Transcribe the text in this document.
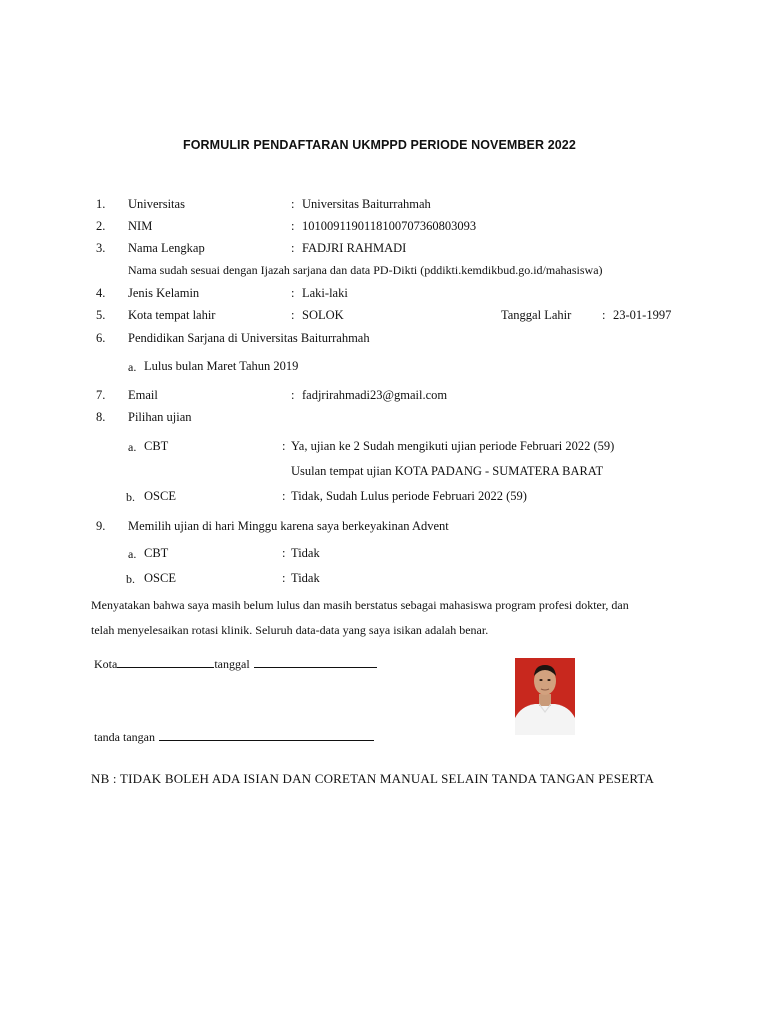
FORMULIR PENDAFTARAN UKMPPD PERIODE NOVEMBER 2022
1. Universitas	: Universitas Baiturrahmah
2. NIM	: 1010091190118100707360803093
3. Nama Lengkap	: FADJRI RAHMADI
Nama sudah sesuai dengan Ijazah sarjana dan data PD-Dikti (pddikti.kemdikbud.go.id/mahasiswa)
4. Jenis Kelamin	: Laki-laki
5. Kota tempat lahir	: SOLOK	Tanggal Lahir : 23-01-1997
6. Pendidikan Sarjana di Universitas Baiturrahmah
a. Lulus bulan Maret Tahun 2019
7. Email	: fadjrirahmadi23@gmail.com
8. Pilihan ujian
a. CBT	: Ya, ujian ke 2 Sudah mengikuti ujian periode Februari 2022 (59)
Usulan tempat ujian KOTA PADANG - SUMATERA BARAT
b. OSCE	: Tidak, Sudah Lulus periode Februari 2022 (59)
9. Memilih ujian di hari Minggu karena saya berkeyakinan Advent
a. CBT	: Tidak
b. OSCE	: Tidak
Menyatakan bahwa saya masih belum lulus dan masih berstatus sebagai mahasiswa program profesi dokter, dan
telah menyelesaikan rotasi klinik. Seluruh data-data yang saya isikan adalah benar.
Kota	tanggal
tanda tangan
NB : TIDAK BOLEH ADA ISIAN DAN CORETAN MANUAL SELAIN TANDA TANGAN PESERTA
